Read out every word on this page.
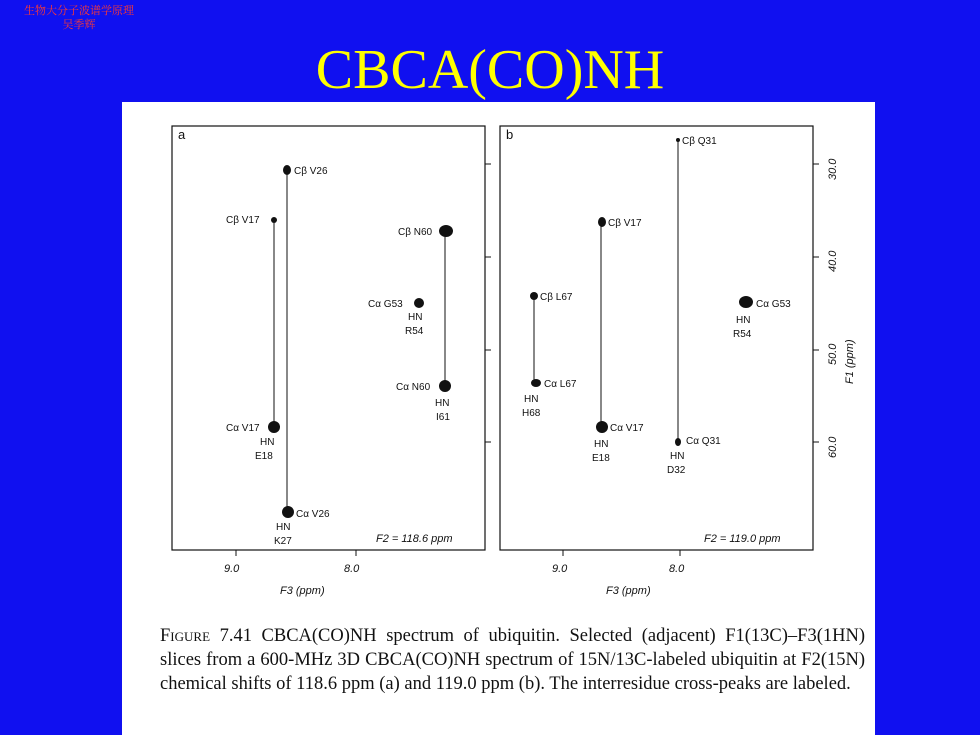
生物大分子波谱学原理
吴季辉
CBCA(CO)NH
a	b
9.0	8.0
F3 (ppm)
F2 = 118.6 ppm
9.0	8.0
F3 (ppm)
F2 = 119.0 ppm
30.0
40.0
50.0
60.0
F1 (ppm)
Cβ V26
Cβ V17
Cβ N60
Cα G53
HN
R54
Cα N60
HN
I61
Cα V17
HN
E18
Cα V26
HN
K27
Cβ Q31
Cβ V17
Cβ L67
Cα G53
HN
R54
Cα L67
HN
H68
Cα V17
HN
E18
Cα Q31
HN
D32
Figure 7.41 CBCA(CO)NH spectrum of ubiquitin. Selected (adjacent) F1(13C)–F3(1HN) slices from a 600-MHz 3D CBCA(CO)NH spectrum of 15N/13C-labeled ubiquitin at F2(15N) chemical shifts of 118.6 ppm (a) and 119.0 ppm (b). The interresidue cross-peaks are labeled.
